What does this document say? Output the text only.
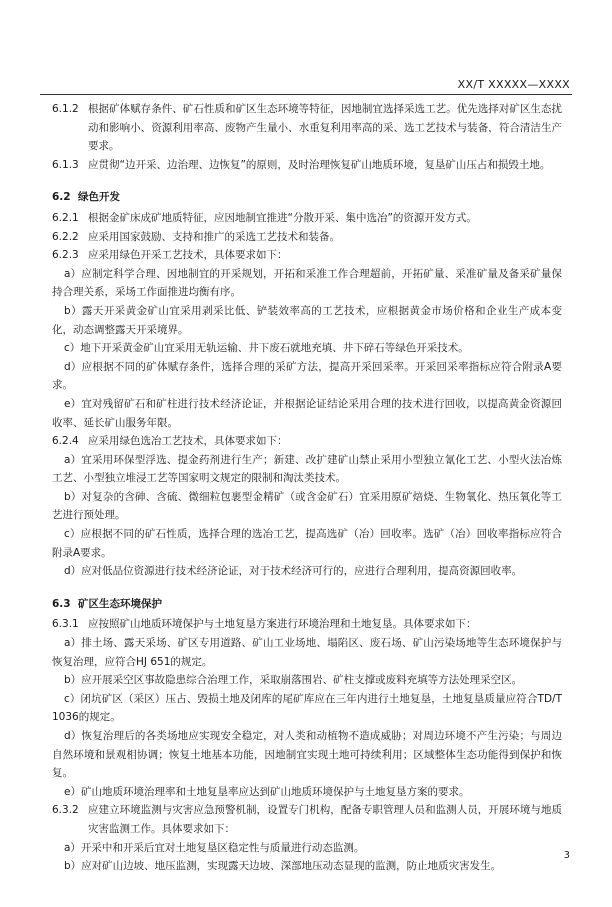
XX/T XXXXX—XXXX
6.1.2 根据矿体赋存条件、矿石性质和矿区生态环境等特征，因地制宜选择采选工艺。优先选择对矿区生态扰动和影响小、资源利用率高、废物产生量小、水重复利用率高的采、选工艺技术与装备，符合清洁生产要求。
6.1.3 应贯彻“边开采、边治理、边恢复”的原则，及时治理恢复矿山地质环境，复垦矿山压占和损毁土地。
6.2 绿色开发
6.2.1 根据金矿床成矿地质特征，应因地制宜推进“分散开采、集中选冶”的资源开发方式。
6.2.2 应采用国家鼓励、支持和推广的采选工艺技术和装备。
6.2.3 应采用绿色开采工艺技术，具体要求如下：

a）应制定科学合理、因地制宜的开采规划，开拓和采准工作合理超前，开拓矿量、采准矿量及备采矿量保持合理关系，采场工作面推进均衡有序。

b）露天开采黄金矿山宜采用剥采比低、铲装效率高的工艺技术，应根据黄金市场价格和企业生产成本变化，动态调整露天开采境界。

c）地下开采黄金矿山宜采用无轨运输、井下废石就地充填、井下碎石等绿色开采技术。

d）应根据不同的矿体赋存条件，选择合理的采矿方法，提高开采回采率。开采回采率指标应符合附录A要求。

e）宜对残留矿石和矿柱进行技术经济论证，并根据论证结论采用合理的技术进行回收，以提高黄金资源回收率、延长矿山服务年限。

6.2.4 应采用绿色选冶工艺技术，具体要求如下：

a）宜采用环保型浮选、提金药剂进行生产；新建、改扩建矿山禁止采用小型独立氰化工艺、小型火法冶炼工艺、小型独立堆浸工艺等国家明文规定的限制和淘汰类技术。

b）对复杂的含砷、含硫、微细粒包裹型金精矿（或含金矿石）宜采用原矿焙烧、生物氧化、热压氧化等工艺进行预处理。

c）应根据不同的矿石性质，选择合理的选冶工艺，提高选矿（冶）回收率。选矿（冶）回收率指标应符合附录A要求。

d）应对低品位资源进行技术经济论证，对于技术经济可行的，应进行合理利用，提高资源回收率。

6.3 矿区生态环境保护
6.3.1 应按照矿山地质环境保护与土地复垦方案进行环境治理和土地复垦。具体要求如下：

a）排土场、露天采场、矿区专用道路、矿山工业场地、塌陷区、废石场、矿山污染场地等生态环境保护与恢复治理，应符合HJ 651的规定。

b）应开展采空区事故隐患综合治理工作，采取崩落围岩、矿柱支撑或废料充填等方法处理采空区。

c）闭坑矿区（采区）压占、毁损土地及闭库的尾矿库应在三年内进行土地复垦，土地复垦质量应符合TD/T 1036的规定。

d）恢复治理后的各类场地应实现安全稳定，对人类和动植物不造成威胁；对周边环境不产生污染；与周边自然环境和景观相协调；恢复土地基本功能，因地制宜实现土地可持续利用；区域整体生态功能得到保护和恢复。

e）矿山地质环境治理率和土地复垦率应达到矿山地质环境保护与土地复垦方案的要求。

6.3.2 应建立环境监测与灾害应急预警机制，设置专门机构，配备专职管理人员和监测人员，开展环境与地质灾害监测工作。具体要求如下：

a）开采中和开采后宜对土地复垦区稳定性与质量进行动态监测。

b）应对矿山边坡、地压监测，实现露天边坡、深部地压动态显现的监测，防止地质灾害发生。

3
